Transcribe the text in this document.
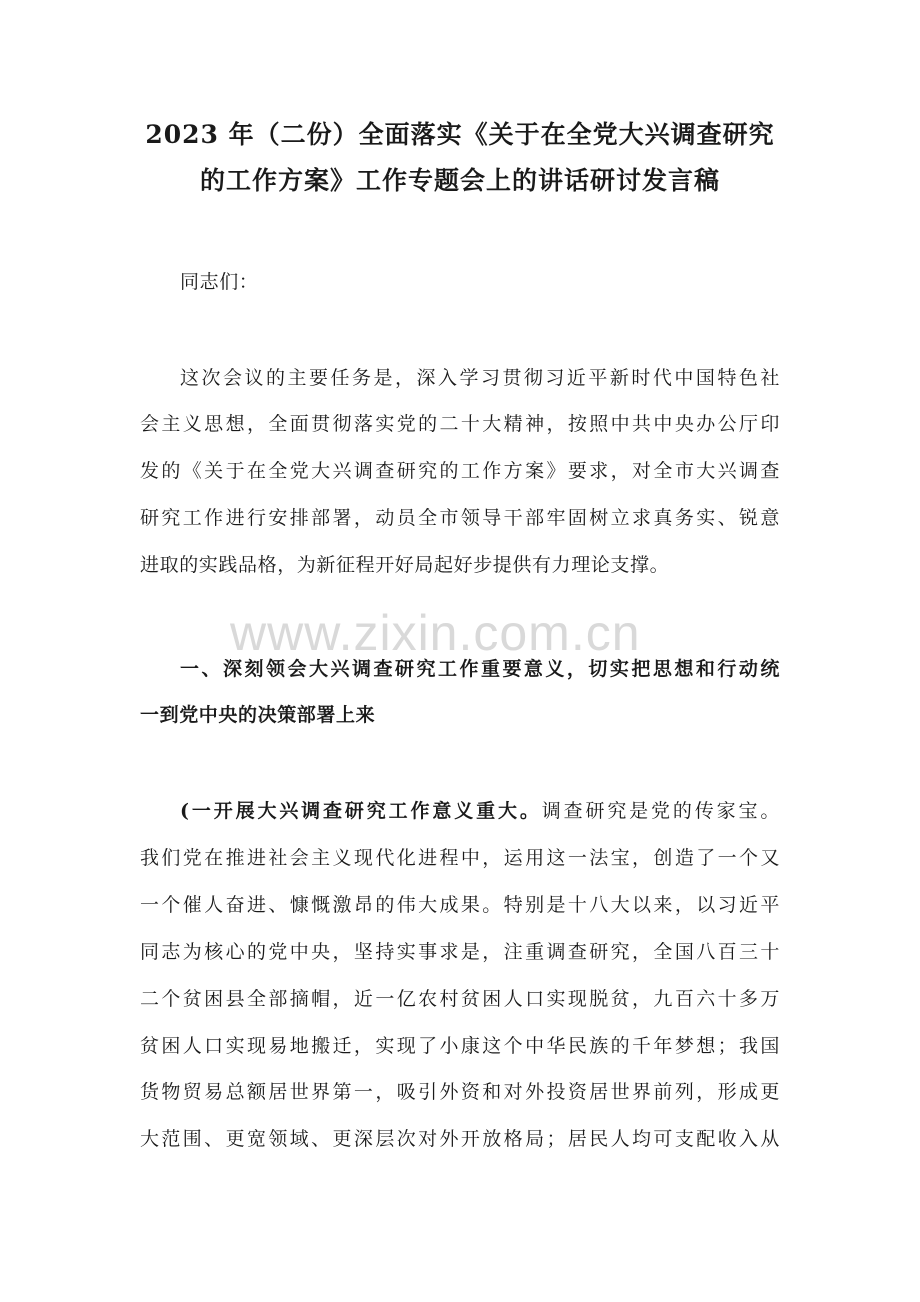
2023 年（二份）全面落实《关于在全党大兴调查研究
的工作方案》工作专题会上的讲话研讨发言稿
同志们：
这次会议的主要任务是，深入学习贯彻习近平新时代中国特色社
会主义思想，全面贯彻落实党的二十大精神，按照中共中央办公厅印
发的《关于在全党大兴调查研究的工作方案》要求，对全市大兴调查
研究工作进行安排部署，动员全市领导干部牢固树立求真务实、锐意
进取的实践品格，为新征程开好局起好步提供有力理论支撑。
www.zixin.com.cn
一、深刻领会大兴调查研究工作重要意义，切实把思想和行动统
一到党中央的决策部署上来
(一开展大兴调查研究工作意义重大。调查研究是党的传家宝。
我们党在推进社会主义现代化进程中，运用这一法宝，创造了一个又
一个催人奋进、慷慨激昂的伟大成果。特别是十八大以来，以习近平
同志为核心的党中央，坚持实事求是，注重调查研究，全国八百三十
二个贫困县全部摘帽，近一亿农村贫困人口实现脱贫，九百六十多万
贫困人口实现易地搬迁，实现了小康这个中华民族的千年梦想；我国
货物贸易总额居世界第一，吸引外资和对外投资居世界前列，形成更
大范围、更宽领域、更深层次对外开放格局；居民人均可支配收入从
